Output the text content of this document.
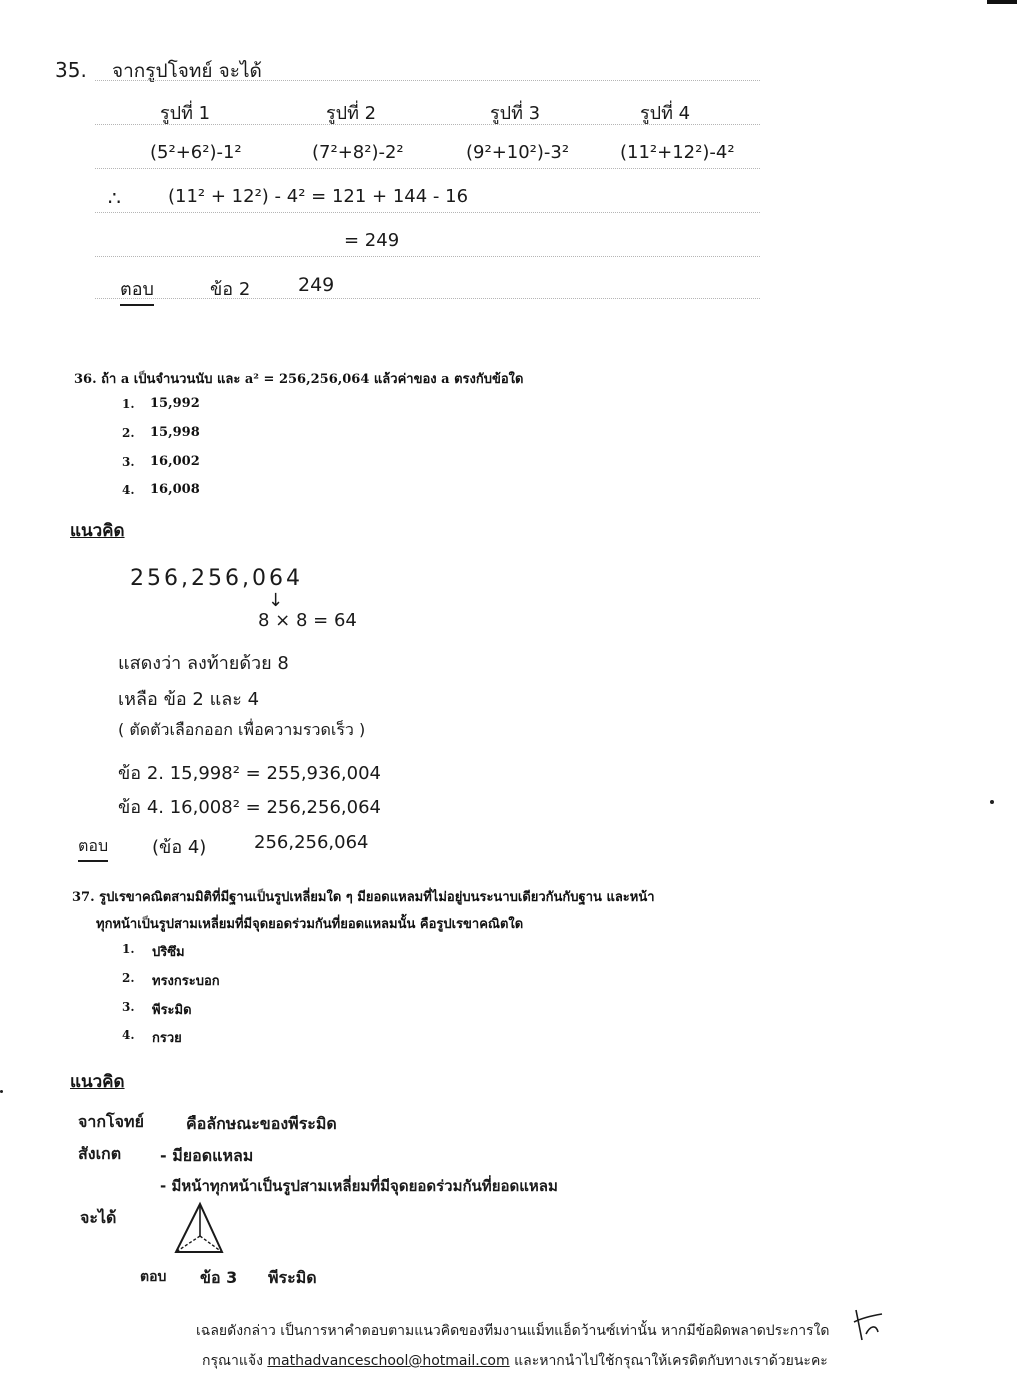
35. จากรูปโจทย์ จะได้
รูปที่ 1	รูปที่ 2	รูปที่ 3	รูปที่ 4
(5²+6²)-1²	(7²+8²)-2²	(9²+10²)-3²	(11²+12²)-4²
∴	(11² + 12²) - 4² = 121 + 144 - 16
= 249
ตอบ	ข้อ 2	249
36. ถ้า a เป็นจำนวนนับ และ a² = 256,256,064 แล้วค่าของ a ตรงกับข้อใด
1. 15,992
2. 15,998
3. 16,002
4. 16,008
แนวคิด
256,256,064
↓
8 × 8 = 64
แสดงว่า ลงท้ายด้วย 8
เหลือ ข้อ 2 และ 4
( ตัดตัวเลือกออก เพื่อความรวดเร็ว )
ข้อ 2. 15,998² = 255,936,004
ข้อ 4. 16,008² = 256,256,064
ตอบ (ข้อ 4)	256,256,064
37. รูปเรขาคณิตสามมิติที่มีฐานเป็นรูปเหลี่ยมใด ๆ มียอดแหลมที่ไม่อยู่บนระนาบเดียวกันกับฐาน และหน้า
ทุกหน้าเป็นรูปสามเหลี่ยมที่มีจุดยอดร่วมกันที่ยอดแหลมนั้น คือรูปเรขาคณิตใด
1. ปริซึม
2. ทรงกระบอก
3. พีระมิด
4. กรวย
แนวคิด
จากโจทย์	คือลักษณะของพีระมิด
สังเกต - มียอดแหลม
- มีหน้าทุกหน้าเป็นรูปสามเหลี่ยมที่มีจุดยอดร่วมกันที่ยอดแหลม
จะได้
ตอบ ข้อ 3 พีระมิด
เฉลยดังกล่าว เป็นการหาคำตอบตามแนวคิดของทีมงานแม็ทแอ็ดว้านซ์เท่านั้น หากมีข้อผิดพลาดประการใด
กรุณาแจ้ง mathadvanceschool@hotmail.com และหากนำไปใช้กรุณาให้เครดิตกับทางเราด้วยนะคะ
